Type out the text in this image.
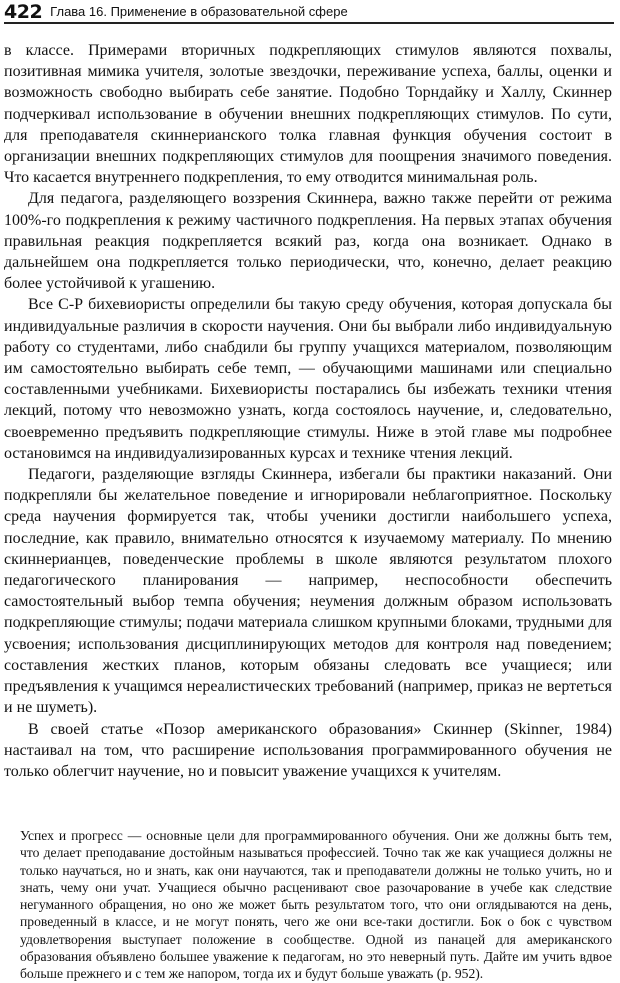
422 Глава 16. Применение в образовательной сфере

в классе. Примерами вторичных подкрепляющих стимулов являются похвалы, позитивная мимика учителя, золотые звездочки, переживание успеха, баллы, оценки и возможность свободно выбирать себе занятие. Подобно Торндайку и Халлу, Скиннер подчеркивал использование в обучении внешних подкрепляющих стимулов. По сути, для преподавателя скиннерианского толка главная функция обучения состоит в организации внешних подкрепляющих стимулов для поощрения значимого поведения. Что касается внутреннего подкрепления, то ему отводится минимальная роль.

Для педагога, разделяющего воззрения Скиннера, важно также перейти от режима 100%-го подкрепления к режиму частичного подкрепления. На первых этапах обучения правильная реакция подкрепляется всякий раз, когда она возникает. Однако в дальнейшем она подкрепляется только периодически, что, конечно, делает реакцию более устойчивой к угашению.

Все С-Р бихевиористы определили бы такую среду обучения, которая допускала бы индивидуальные различия в скорости научения. Они бы выбрали либо индивидуальную работу со студентами, либо снабдили бы группу учащихся материалом, позволяющим им самостоятельно выбирать себе темп, — обучающими машинами или специально составленными учебниками. Бихевиористы постарались бы избежать техники чтения лекций, потому что невозможно узнать, когда состоялось научение, и, следовательно, своевременно предъявить подкрепляющие стимулы. Ниже в этой главе мы подробнее остановимся на индивидуализированных курсах и технике чтения лекций.

Педагоги, разделяющие взгляды Скиннера, избегали бы практики наказаний. Они подкрепляли бы желательное поведение и игнорировали неблагоприятное. Поскольку среда научения формируется так, чтобы ученики достигли наибольшего успеха, последние, как правило, внимательно относятся к изучаемому материалу. По мнению скиннерианцев, поведенческие проблемы в школе являются результатом плохого педагогического планирования — например, неспособности обеспечить самостоятельный выбор темпа обучения; неумения должным образом использовать подкрепляющие стимулы; подачи материала слишком крупными блоками, трудными для усвоения; использования дисциплинирующих методов для контроля над поведением; составления жестких планов, которым обязаны следовать все учащиеся; или предъявления к учащимся нереалистических требований (например, приказ не вертеться и не шуметь).

В своей статье «Позор американского образования» Скиннер (Skinner, 1984) настаивал на том, что расширение использования программированного обучения не только облегчит научение, но и повысит уважение учащихся к учителям.

Успех и прогресс — основные цели для программированного обучения. Они же должны быть тем, что делает преподавание достойным называться профессией. Точно так же как учащиеся должны не только научаться, но и знать, как они научаются, так и преподаватели должны не только учить, но и знать, чему они учат. Учащиеся обычно расценивают свое разочарование в учебе как следствие негуманного обращения, но оно же может быть результатом того, что они оглядываются на день, проведенный в классе, и не могут понять, чего же они все-таки достигли. Бок о бок с чувством удовлетворения выступает положение в сообществе. Одной из панацей для американского образования объявлено большее уважение к педагогам, но это неверный путь. Дайте им учить вдвое больше прежнего и с тем же напором, тогда их и будут больше уважать (p. 952).
